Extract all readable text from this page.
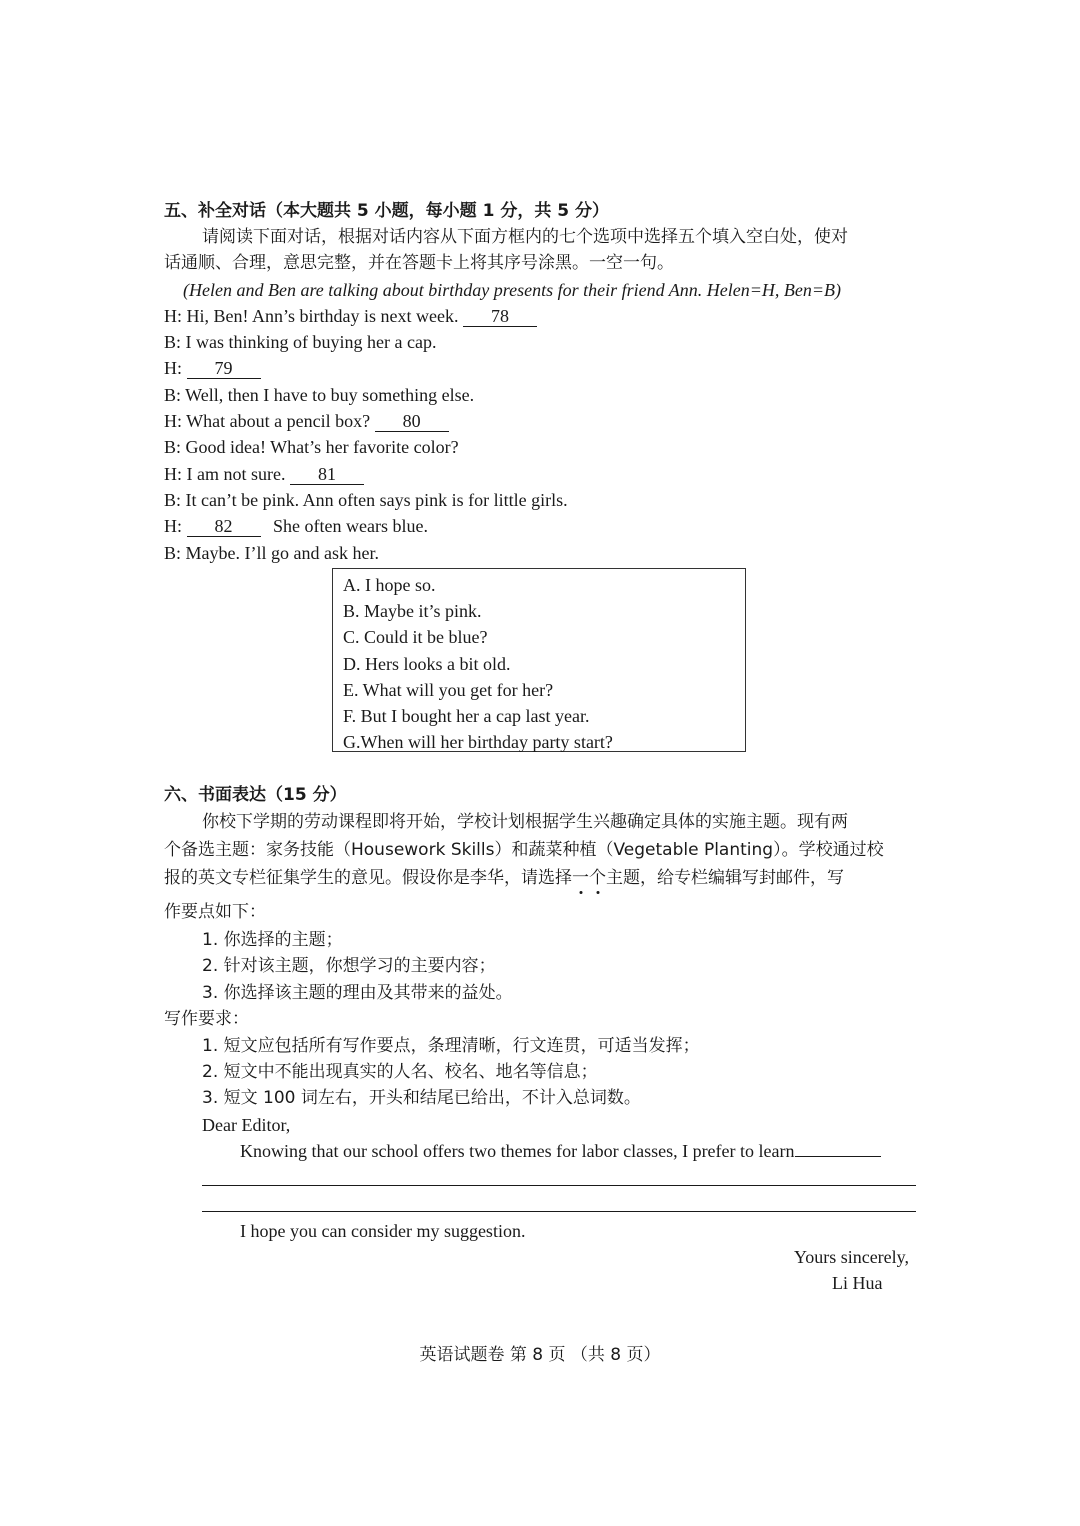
五、补全对话（本大题共 5 小题，每小题 1 分，共 5 分）
请阅读下面对话，根据对话内容从下面方框内的七个选项中选择五个填入空白处，使对
话通顺、合理，意思完整，并在答题卡上将其序号涂黑。一空一句。
(Helen and Ben are talking about birthday presents for their friend Ann. Helen=H, Ben=B)
H: Hi, Ben! Ann’s birthday is next week. 78
B: I was thinking of buying her a cap.
H: 79
B: Well, then I have to buy something else.
H: What about a pencil box? 80
B: Good idea! What’s her favorite color?
H: I am not sure. 81
B: It can’t be pink. Ann often says pink is for little girls.
H: 82 She often wears blue.
B: Maybe. I’ll go and ask her.
A. I hope so.
B. Maybe it’s pink.
C. Could it be blue?
D. Hers looks a bit old.
E. What will you get for her?
F. But I bought her a cap last year.
G.When will her birthday party start?
六、书面表达（15 分）
你校下学期的劳动课程即将开始，学校计划根据学生兴趣确定具体的实施主题。现有两
个备选主题：家务技能（Housework Skills）和蔬菜种植（Vegetable Planting）。学校通过校
报的英文专栏征集学生的意见。假设你是李华，请选择一个主题，给专栏编辑写封邮件，写
作要点如下：
1. 你选择的主题；
2. 针对该主题，你想学习的主要内容；
3. 你选择该主题的理由及其带来的益处。
写作要求：
1. 短文应包括所有写作要点，条理清晰，行文连贯，可适当发挥；
2. 短文中不能出现真实的人名、校名、地名等信息；
3. 短文 100 词左右，开头和结尾已给出，不计入总词数。
Dear Editor,
Knowing that our school offers two themes for labor classes, I prefer to learn
I hope you can consider my suggestion.
Yours sincerely,
Li Hua
英语试题卷 第 8 页 （共 8 页）
